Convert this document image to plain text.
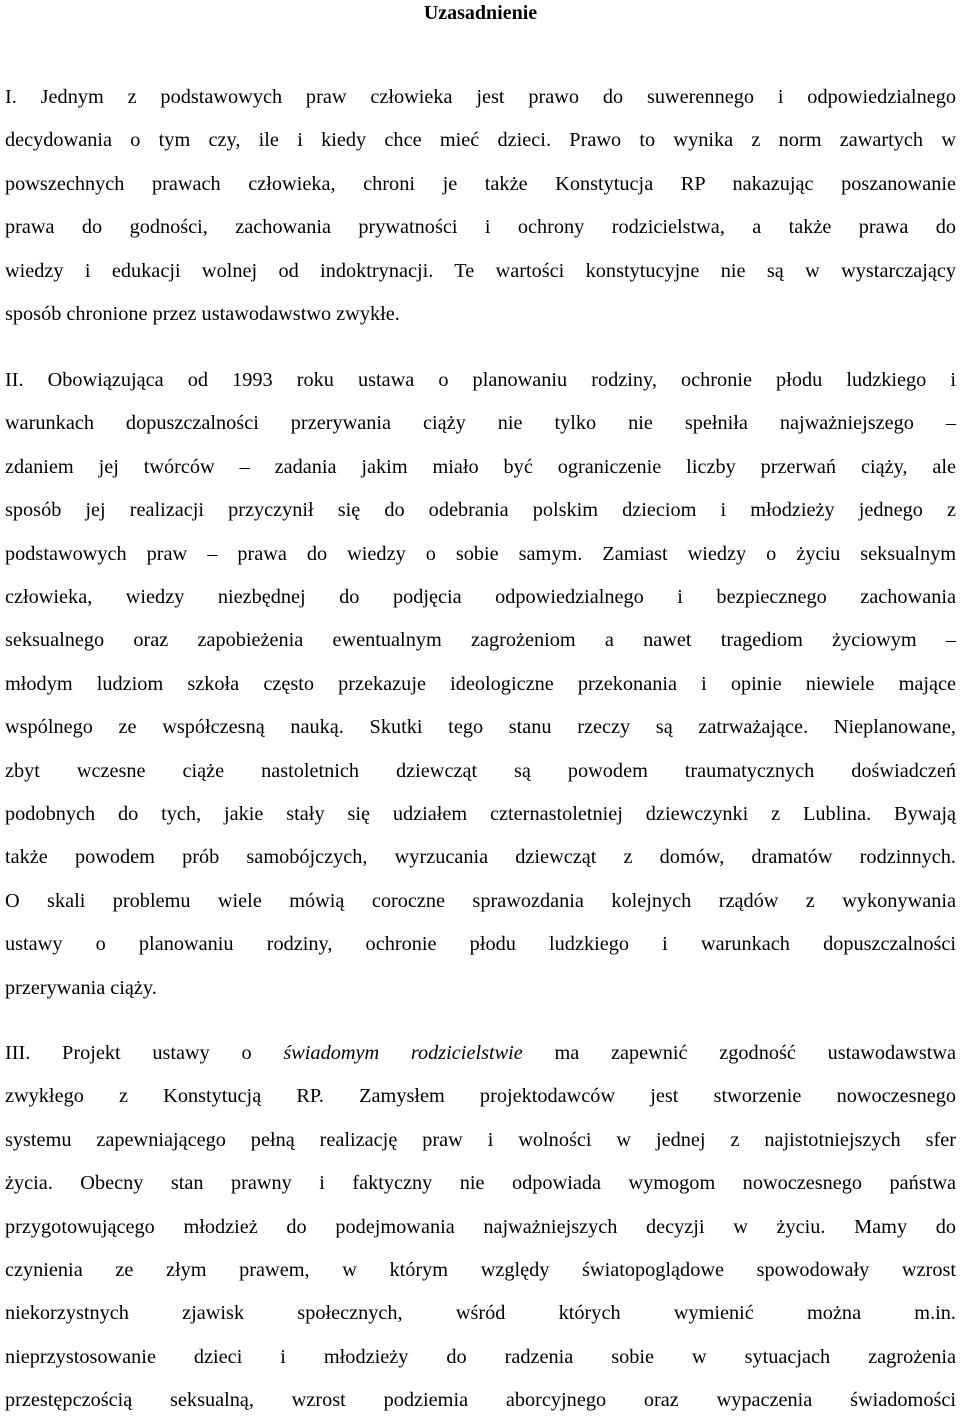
Uzasadnienie
I. Jednym z podstawowych praw człowieka jest prawo do suwerennego i odpowiedzialnego
decydowania o tym czy, ile i kiedy chce mieć dzieci. Prawo to wynika z norm zawartych w
powszechnych prawach człowieka, chroni je także Konstytucja RP nakazując poszanowanie
prawa do godności, zachowania prywatności i ochrony rodzicielstwa, a także prawa do
wiedzy i edukacji wolnej od indoktrynacji. Te wartości konstytucyjne nie są w wystarczający
sposób chronione przez ustawodawstwo zwykłe.
II. Obowiązująca od 1993 roku ustawa o planowaniu rodziny, ochronie płodu ludzkiego i
warunkach dopuszczalności przerywania ciąży nie tylko nie spełniła najważniejszego –
zdaniem jej twórców – zadania jakim miało być ograniczenie liczby przerwań ciąży, ale
sposób jej realizacji przyczynił się do odebrania polskim dzieciom i młodzieży jednego z
podstawowych praw – prawa do wiedzy o sobie samym. Zamiast wiedzy o życiu seksualnym
człowieka, wiedzy niezbędnej do podjęcia odpowiedzialnego i bezpiecznego zachowania
seksualnego oraz zapobieżenia ewentualnym zagrożeniom a nawet tragediom życiowym –
młodym ludziom szkoła często przekazuje ideologiczne przekonania i opinie niewiele mające
wspólnego ze współczesną nauką. Skutki tego stanu rzeczy są zatrważające. Nieplanowane,
zbyt wczesne ciąże nastoletnich dziewcząt są powodem traumatycznych doświadczeń
podobnych do tych, jakie stały się udziałem czternastoletniej dziewczynki z Lublina. Bywają
także powodem prób samobójczych, wyrzucania dziewcząt z domów, dramatów rodzinnych.
O skali problemu wiele mówią coroczne sprawozdania kolejnych rządów z wykonywania
ustawy o planowaniu rodziny, ochronie płodu ludzkiego i warunkach dopuszczalności
przerywania ciąży.
III. Projekt ustawy o świadomym rodzicielstwie ma zapewnić zgodność ustawodawstwa
zwykłego z Konstytucją RP. Zamysłem projektodawców jest stworzenie nowoczesnego
systemu zapewniającego pełną realizację praw i wolności w jednej z najistotniejszych sfer
życia. Obecny stan prawny i faktyczny nie odpowiada wymogom nowoczesnego państwa
przygotowującego młodzież do podejmowania najważniejszych decyzji w życiu. Mamy do
czynienia ze złym prawem, w którym względy światopoglądowe spowodowały wzrost
niekorzystnych zjawisk społecznych, wśród których wymienić można m.in.
nieprzystosowanie dzieci i młodzieży do radzenia sobie w sytuacjach zagrożenia
przestępczością seksualną, wzrost podziemia aborcyjnego oraz wypaczenia świadomości
